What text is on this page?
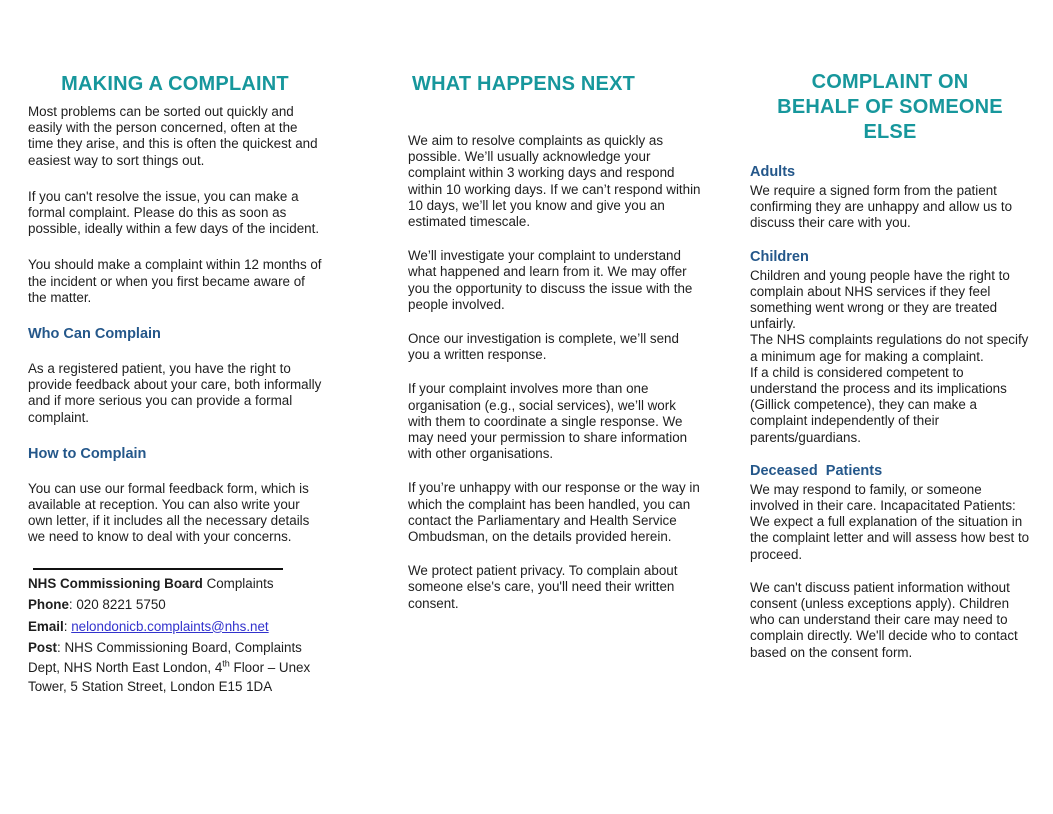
MAKING A COMPLAINT

Most problems can be sorted out quickly and easily with the person concerned, often at the time they arise, and this is often the quickest and easiest way to sort things out.

If you can't resolve the issue, you can make a formal complaint. Please do this as soon as possible, ideally within a few days of the incident.

You should make a complaint within 12 months of the incident or when you first became aware of the matter.

Who Can Complain

As a registered patient, you have the right to provide feedback about your care, both informally and if more serious you can provide a formal complaint.

How to Complain

You can use our formal feedback form, which is available at reception. You can also write your own letter, if it includes all the necessary details we need to know to deal with your concerns.

NHS Commissioning Board Complaints
Phone: 020 8221 5750
Email: nelondonicb.complaints@nhs.net
Post: NHS Commissioning Board, Complaints Dept, NHS North East London, 4th Floor – Unex Tower, 5 Station Street, London E15 1DA
WHAT HAPPENS NEXT

We aim to resolve complaints as quickly as possible. We’ll usually acknowledge your complaint within 3 working days and respond within 10 working days. If we can’t respond within 10 days, we’ll let you know and give you an estimated timescale.

We’ll investigate your complaint to understand what happened and learn from it. We may offer you the opportunity to discuss the issue with the people involved.

Once our investigation is complete, we’ll send you a written response.

If your complaint involves more than one organisation (e.g., social services), we’ll work with them to coordinate a single response. We may need your permission to share information with other organisations.

If you’re unhappy with our response or the way in which the complaint has been handled, you can contact the Parliamentary and Health Service Ombudsman, on the details provided herein.

We protect patient privacy. To complain about someone else's care, you'll need their written consent.

COMPLAINT ON BEHALF OF SOMEONE ELSE
Adults

We require a signed form from the patient confirming they are unhappy and allow us to discuss their care with you.

Children

Children and young people have the right to complain about NHS services if they feel something went wrong or they are treated unfairly.

The NHS complaints regulations do not specify a minimum age for making a complaint.

If a child is considered competent to understand the process and its implications (Gillick competence), they can make a complaint independently of their parents/guardians.

Deceased  Patients

We may respond to family, or someone involved in their care. Incapacitated Patients: We expect a full explanation of the situation in the complaint letter and will assess how best to proceed.

We can't discuss patient information without consent (unless exceptions apply). Children who can understand their care may need to complain directly. We'll decide who to contact based on the consent form.
